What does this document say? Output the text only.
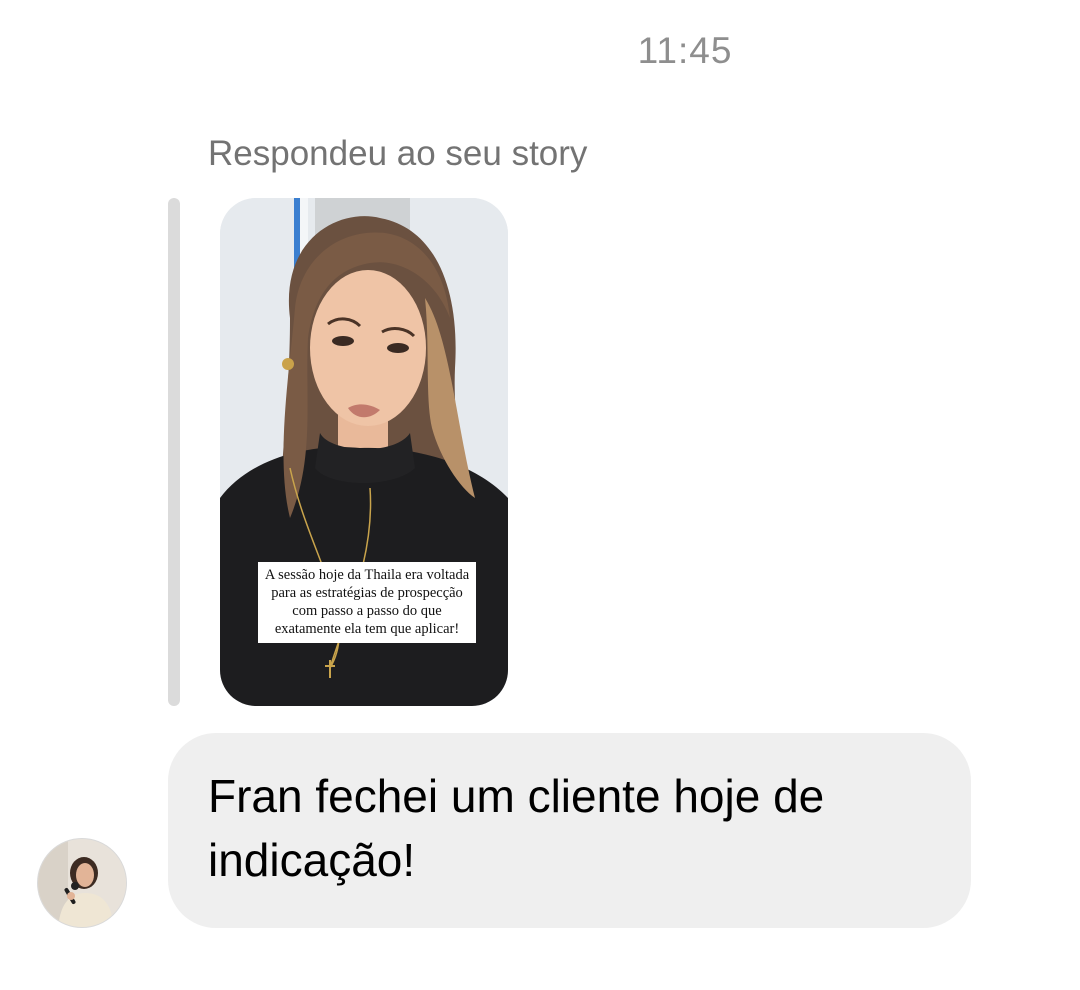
11:45
Respondeu ao seu story
A sessão hoje da Thaila era voltada para as estratégias de prospecção com passo a passo do que exatamente ela tem que aplicar!
Fran fechei um cliente hoje de indicação!
